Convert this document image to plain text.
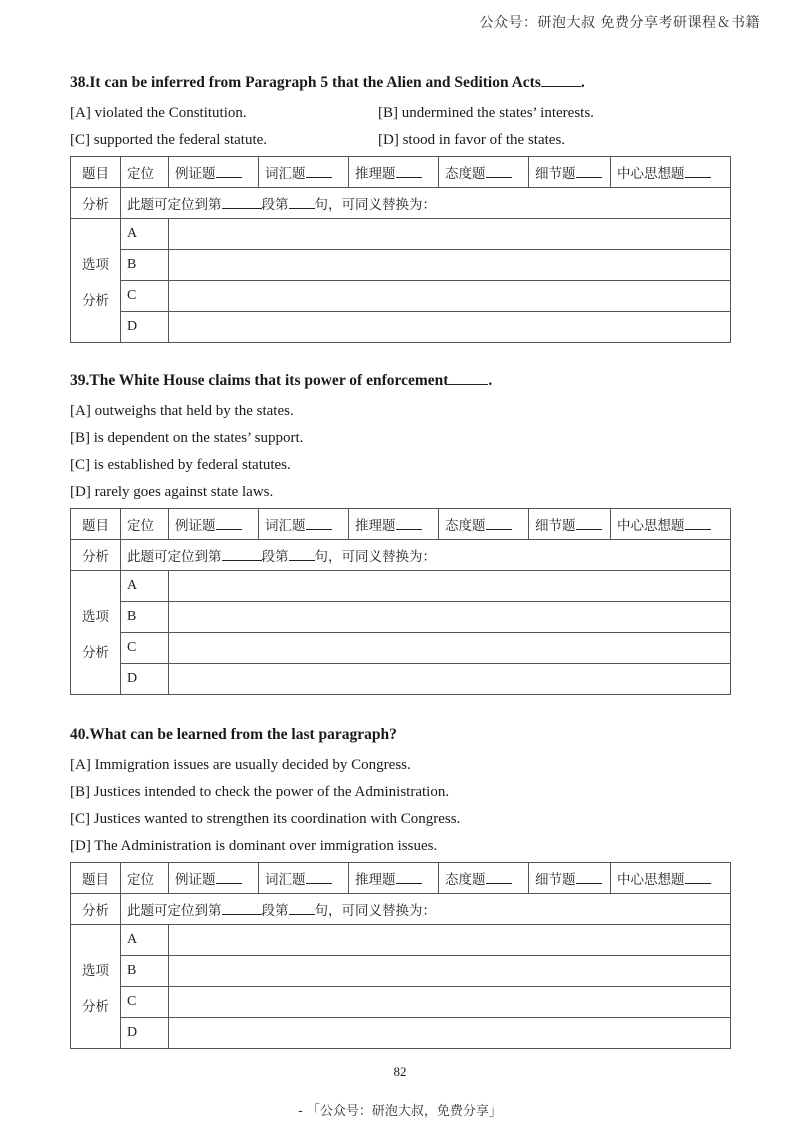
公众号：研泡大叔 免费分享考研课程＆书籍
38.It can be inferred from Paragraph 5 that the Alien and Sedition Acts	.
[A] violated the Constitution.	[B] undermined the states’ interests.
[C] supported the federal statute.	[D] stood in favor of the states.
题目	定位	例证题	词汇题	推理题	态度题	细节题	中心思想题
分析	此题可定位到第 段第 句，可同义替换为：						
选项

分析	A						
	B						
	C						
	D						
39.The White House claims that its power of enforcement	.
[A] outweighs that held by the states.
[B] is dependent on the states’ support.
[C] is established by federal statutes.
[D] rarely goes against state laws.
题目	定位	例证题	词汇题	推理题	态度题	细节题	中心思想题
分析	此题可定位到第 段第 句，可同义替换为：						
选项

分析	A						
	B						
	C						
	D						
40.What can be learned from the last paragraph?
[A] Immigration issues are usually decided by Congress.
[B] Justices intended to check the power of the Administration.
[C] Justices wanted to strengthen its coordination with Congress.
[D] The Administration is dominant over immigration issues.
题目	定位	例证题	词汇题	推理题	态度题	细节题	中心思想题
分析	此题可定位到第 段第 句，可同义替换为：						
选项

分析	A						
	B						
	C						
	D						
82
- 「公众号：研泡大叔，免费分享」
